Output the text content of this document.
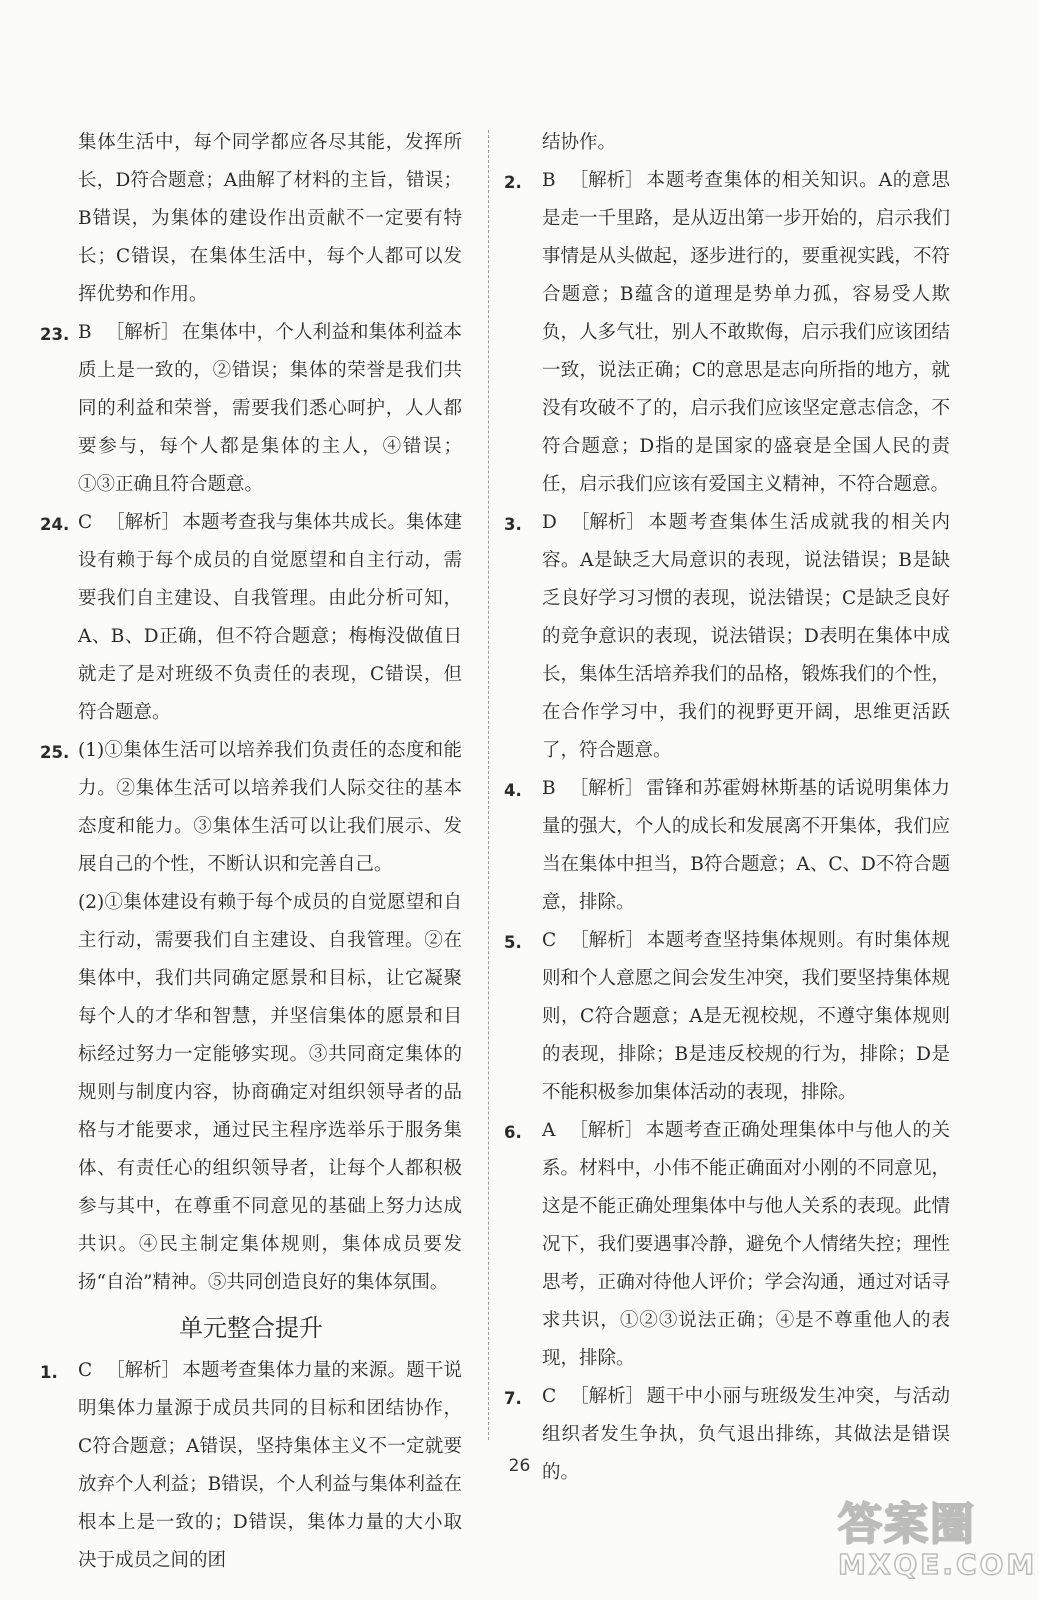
集体生活中，每个同学都应各尽其能，发挥所长，D符合题意；A曲解了材料的主旨，错误；B错误，为集体的建设作出贡献不一定要有特长；C错误，在集体生活中，每个人都可以发挥优势和作用。
23. B ［解析］ 在集体中，个人利益和集体利益本质上是一致的，②错误；集体的荣誉是我们共同的利益和荣誉，需要我们悉心呵护，人人都要参与，每个人都是集体的主人，④错误；①③正确且符合题意。
24. C ［解析］ 本题考查我与集体共成长。集体建设有赖于每个成员的自觉愿望和自主行动，需要我们自主建设、自我管理。由此分析可知，A、B、D正确，但不符合题意；梅梅没做值日就走了是对班级不负责任的表现，C错误，但符合题意。
25. (1)①集体生活可以培养我们负责任的态度和能力。②集体生活可以培养我们人际交往的基本态度和能力。③集体生活可以让我们展示、发展自己的个性，不断认识和完善自己。
(2)①集体建设有赖于每个成员的自觉愿望和自主行动，需要我们自主建设、自我管理。②在集体中，我们共同确定愿景和目标，让它凝聚每个人的才华和智慧，并坚信集体的愿景和目标经过努力一定能够实现。③共同商定集体的规则与制度内容，协商确定对组织领导者的品格与才能要求，通过民主程序选举乐于服务集体、有责任心的组织领导者，让每个人都积极参与其中，在尊重不同意见的基础上努力达成共识。④民主制定集体规则，集体成员要发扬“自治”精神。⑤共同创造良好的集体氛围。
单元整合提升
1.	C ［解析］ 本题考查集体力量的来源。题干说明集体力量源于成员共同的目标和团结协作，C符合题意；A错误，坚持集体主义不一定就要放弃个人利益；B错误，个人利益与集体利益在根本上是一致的；D错误，集体力量的大小取决于成员之间的团
结协作。
2.	B ［解析］ 本题考查集体的相关知识。A的意思是走一千里路，是从迈出第一步开始的，启示我们事情是从头做起，逐步进行的，要重视实践，不符合题意；B蕴含的道理是势单力孤，容易受人欺负，人多气壮，别人不敢欺侮，启示我们应该团结一致，说法正确；C的意思是志向所指的地方，就没有攻破不了的，启示我们应该坚定意志信念，不符合题意；D指的是国家的盛衰是全国人民的责任，启示我们应该有爱国主义精神，不符合题意。
3.	D ［解析］ 本题考查集体生活成就我的相关内容。A是缺乏大局意识的表现，说法错误；B是缺乏良好学习习惯的表现，说法错误；C是缺乏良好的竞争意识的表现，说法错误；D表明在集体中成长，集体生活培养我们的品格，锻炼我们的个性，在合作学习中，我们的视野更开阔，思维更活跃了，符合题意。
4.	B ［解析］ 雷锋和苏霍姆林斯基的话说明集体力量的强大，个人的成长和发展离不开集体，我们应当在集体中担当，B符合题意；A、C、D不符合题意，排除。
5.	C ［解析］ 本题考查坚持集体规则。有时集体规则和个人意愿之间会发生冲突，我们要坚持集体规则，C符合题意；A是无视校规，不遵守集体规则的表现，排除；B是违反校规的行为，排除；D是不能积极参加集体活动的表现，排除。
6.	A ［解析］ 本题考查正确处理集体中与他人的关系。材料中，小伟不能正确面对小刚的不同意见，这是不能正确处理集体中与他人关系的表现。此情况下，我们要遇事冷静，避免个人情绪失控；理性思考，正确对待他人评价；学会沟通，通过对话寻求共识，①②③说法正确；④是不尊重他人的表现，排除。
7.	C ［解析］ 题干中小丽与班级发生冲突，与活动组织者发生争执，负气退出排练，其做法是错误的。
26
答案圈
MXQE.COM
